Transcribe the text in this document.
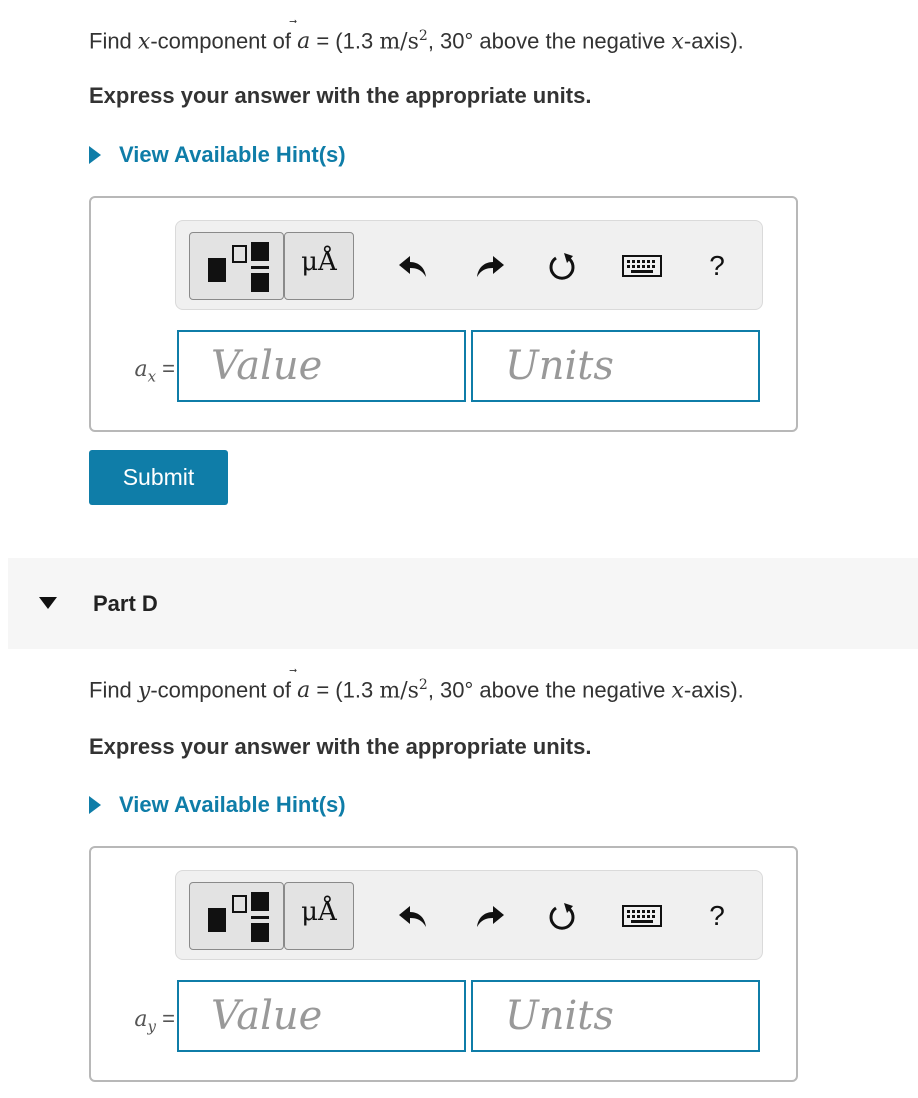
Find x-component of a
= (1.3 $m/s^2$, 30° above the negative x-axis).
Express your answer with the appropriate units.
View Available Hint(s)
μÅ	?
$a_x$ = Value	Units
Submit
Part D
Find y-component of a
= (1.3 $m/s^2$, 30° above the negative x-axis).
Express your answer with the appropriate units.
View Available Hint(s)
μÅ	?
$a_y$ = Value	Units
